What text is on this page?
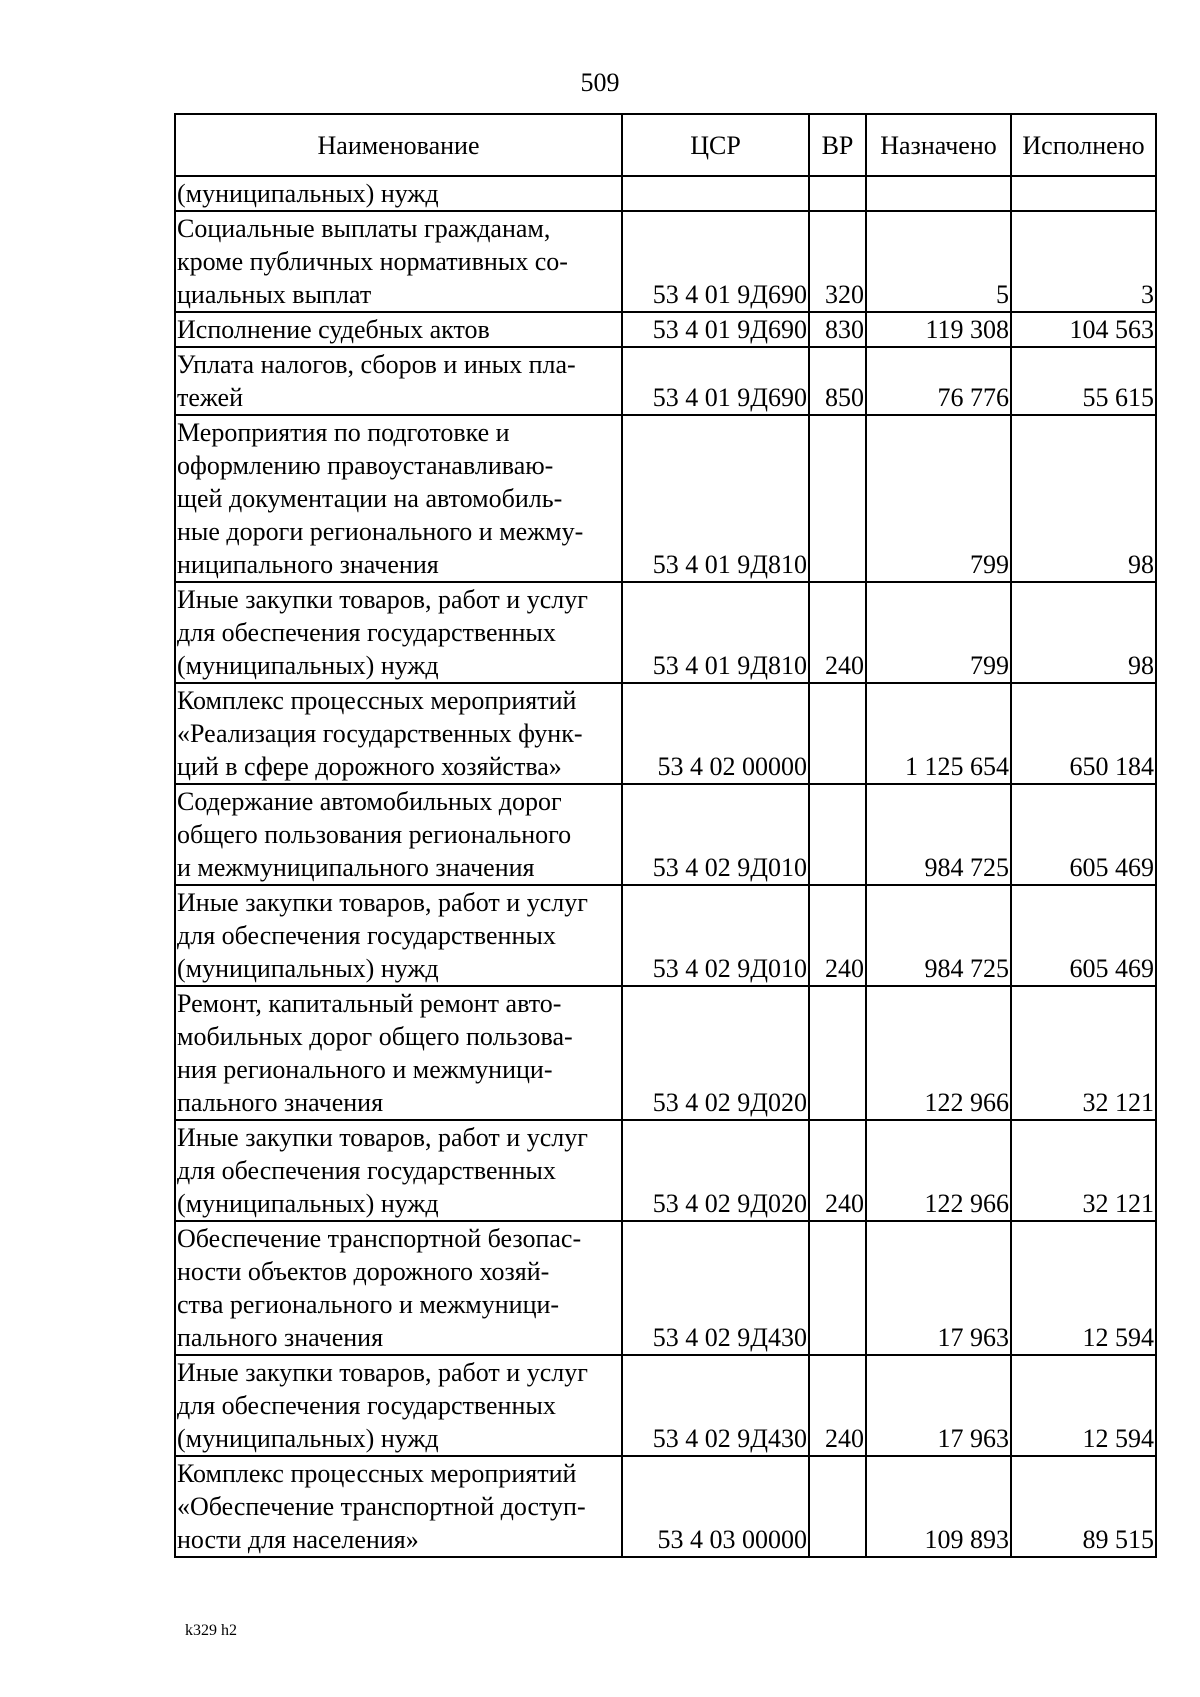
509
Наименование	ЦСР	ВР	Назначено	Исполнено

(муниципальных) нужд				

Социальные выплаты гражданам,
кроме публичных нормативных со-
циальных выплат	53 4 01 9Д690	320	5	3

Исполнение судебных актов	53 4 01 9Д690	830	119 308	104 563

Уплата налогов, сборов и иных пла-
тежей	53 4 01 9Д690	850	76 776	55 615

Мероприятия по подготовке и
оформлению правоустанавливаю-
щей документации на автомобиль-
ные дороги регионального и межму-
ниципального значения	53 4 01 9Д810		799	98

Иные закупки товаров, работ и услуг
для обеспечения государственных
(муниципальных) нужд	53 4 01 9Д810	240	799	98

Комплекс процессных мероприятий
«Реализация государственных функ-
ций в сфере дорожного хозяйства»	53 4 02 00000		1 125 654	650 184

Содержание автомобильных дорог
общего пользования регионального
и межмуниципального значения	53 4 02 9Д010		984 725	605 469

Иные закупки товаров, работ и услуг
для обеспечения государственных
(муниципальных) нужд	53 4 02 9Д010	240	984 725	605 469

Ремонт, капитальный ремонт авто-
мобильных дорог общего пользова-
ния регионального и межмуници-
пального значения	53 4 02 9Д020		122 966	32 121

Иные закупки товаров, работ и услуг
для обеспечения государственных
(муниципальных) нужд	53 4 02 9Д020	240	122 966	32 121

Обеспечение транспортной безопас-
ности объектов дорожного хозяй-
ства регионального и межмуници-
пального значения	53 4 02 9Д430		17 963	12 594

Иные закупки товаров, работ и услуг
для обеспечения государственных
(муниципальных) нужд	53 4 02 9Д430	240	17 963	12 594

Комплекс процессных мероприятий
«Обеспечение транспортной доступ-
ности для населения»	53 4 03 00000		109 893	89 515
k329 h2
